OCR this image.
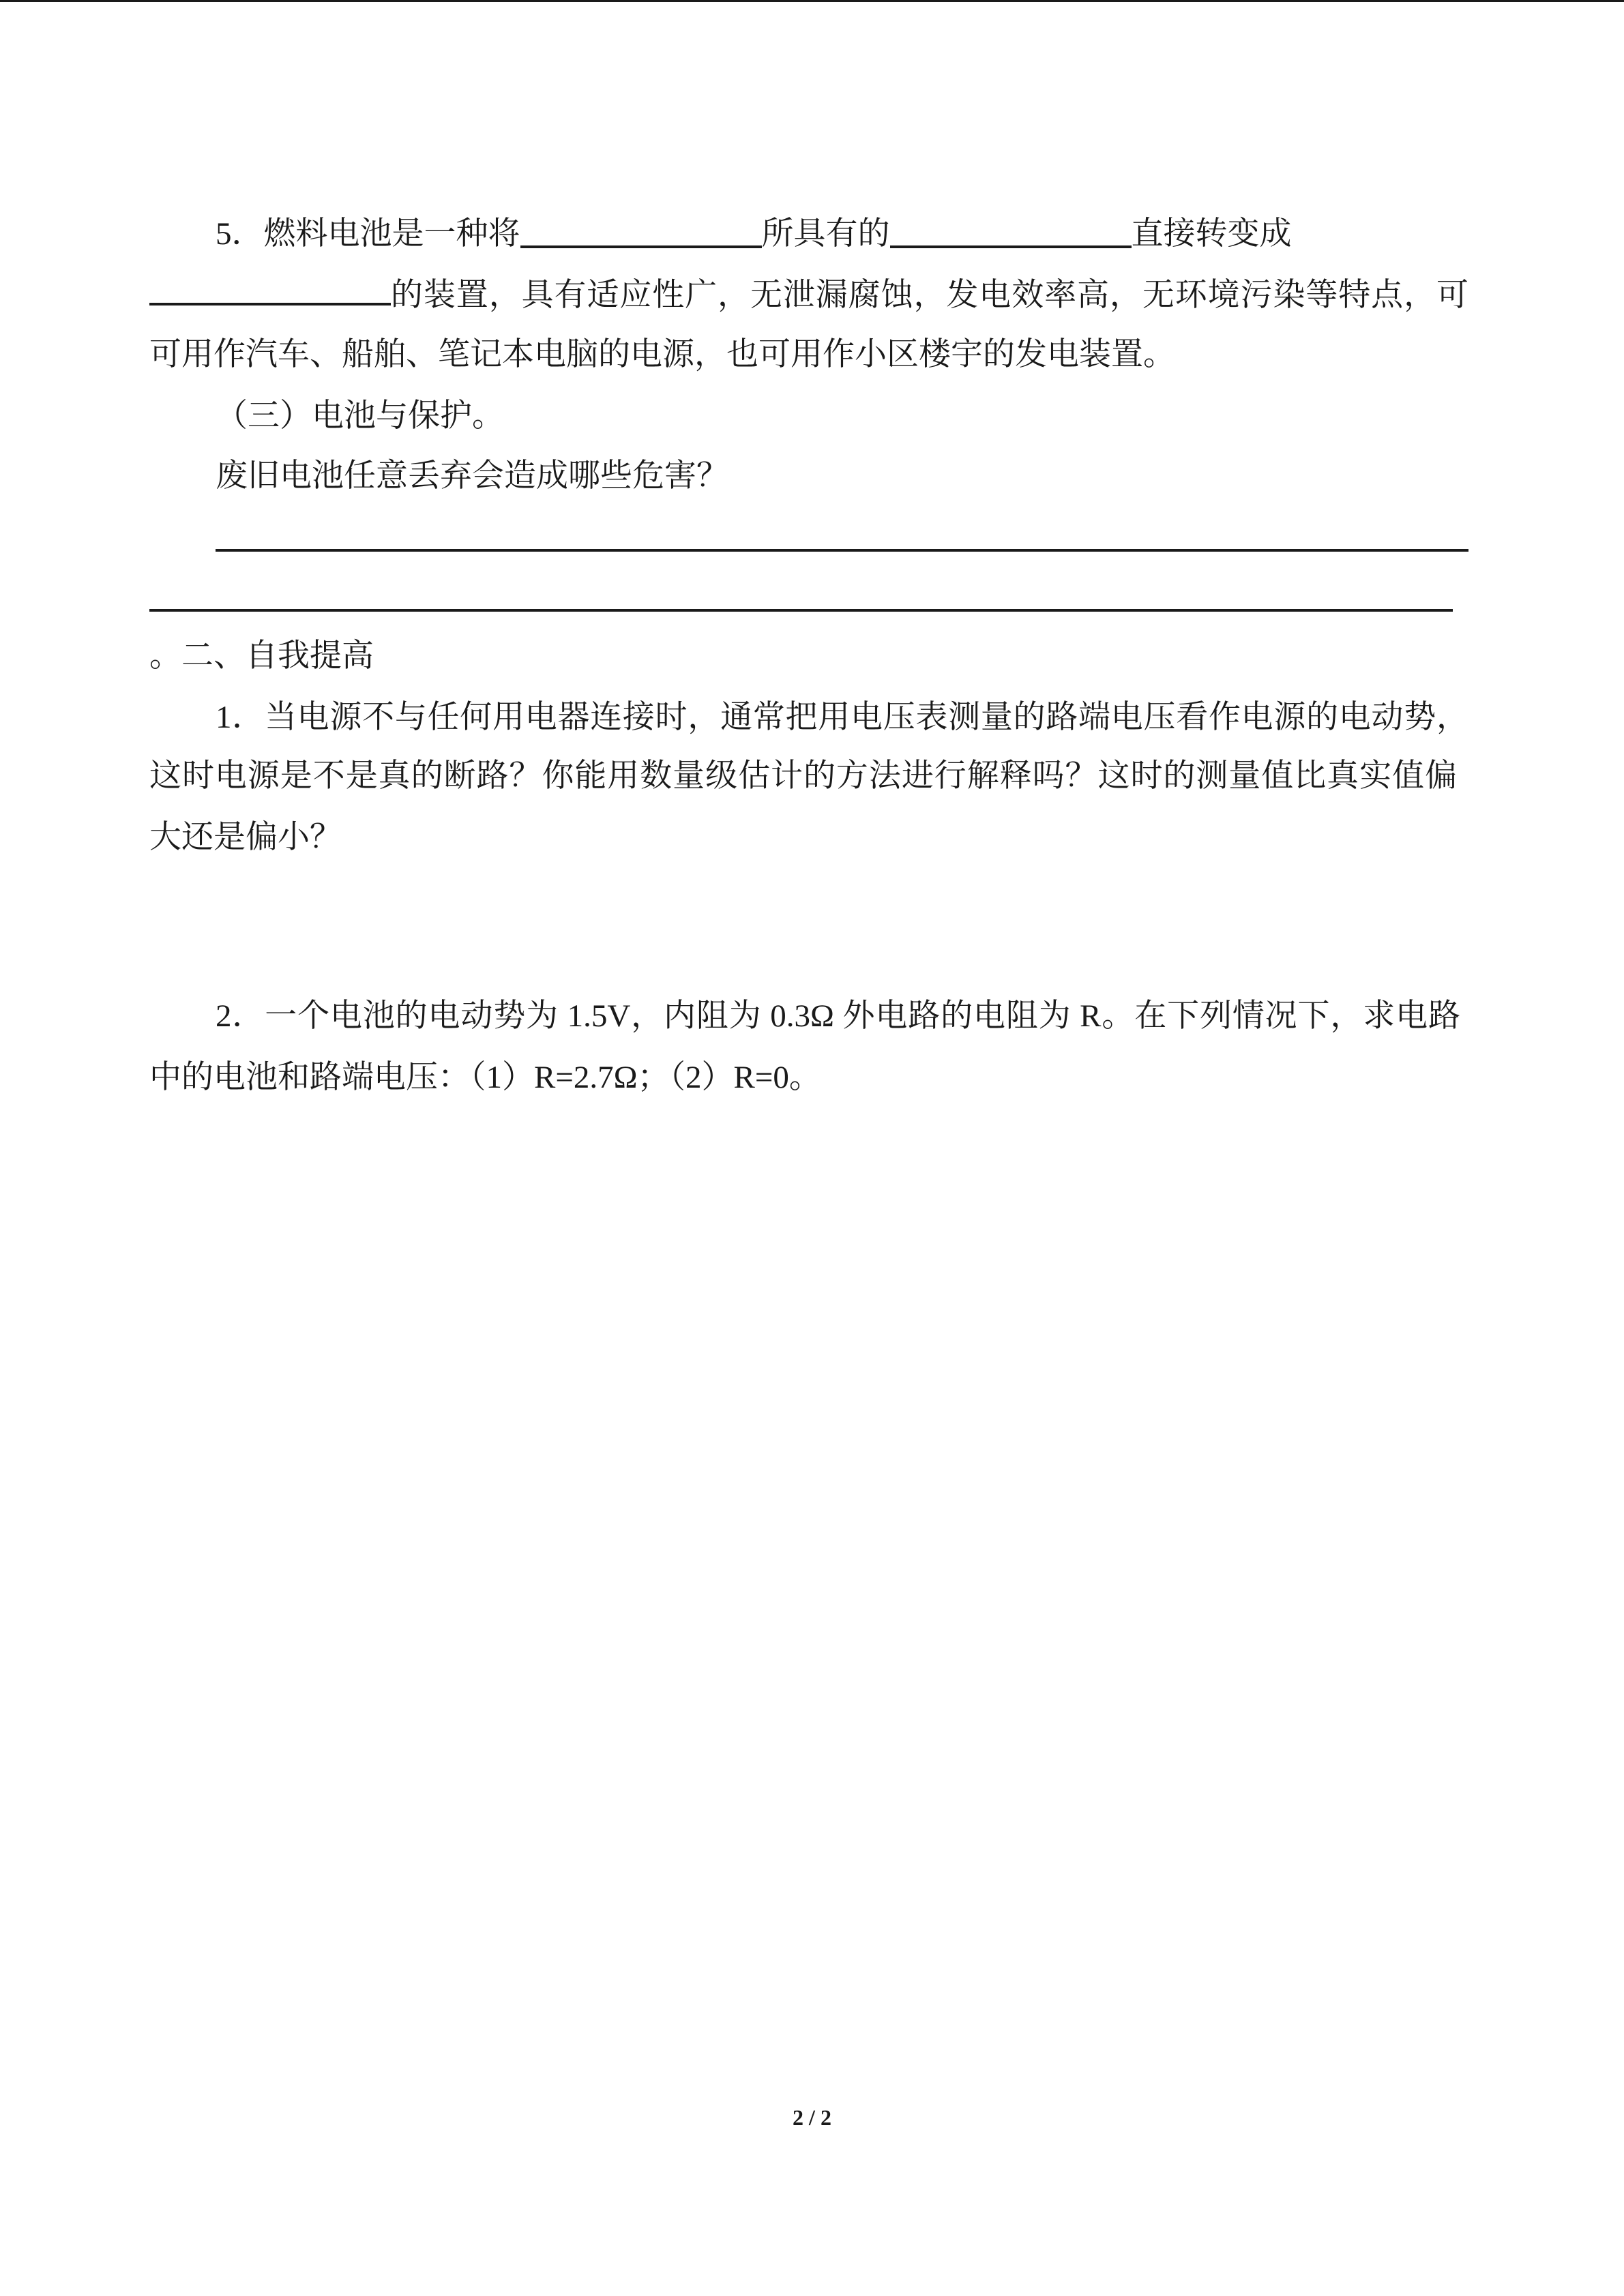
5．燃料电池是一种将	所具有的	直接转变成
的装置，具有适应性广，无泄漏腐蚀，发电效率高，无环境污染等特点，可
可用作汽车、船舶、笔记本电脑的电源，也可用作小区楼宇的发电装置。
（三）电池与保护。
废旧电池任意丢弃会造成哪些危害？
。二、自我提高
1．当电源不与任何用电器连接时，通常把用电压表测量的路端电压看作电源的电动势，
这时电源是不是真的断路？你能用数量级估计的方法进行解释吗？这时的测量值比真实值偏
大还是偏小？
2．一个电池的电动势为 1.5V，内阻为 0.3Ω 外电路的电阻为 R。在下列情况下，求电路
中的电池和路端电压：（1）R=2.7Ω；（2）R=0。
2 / 2
